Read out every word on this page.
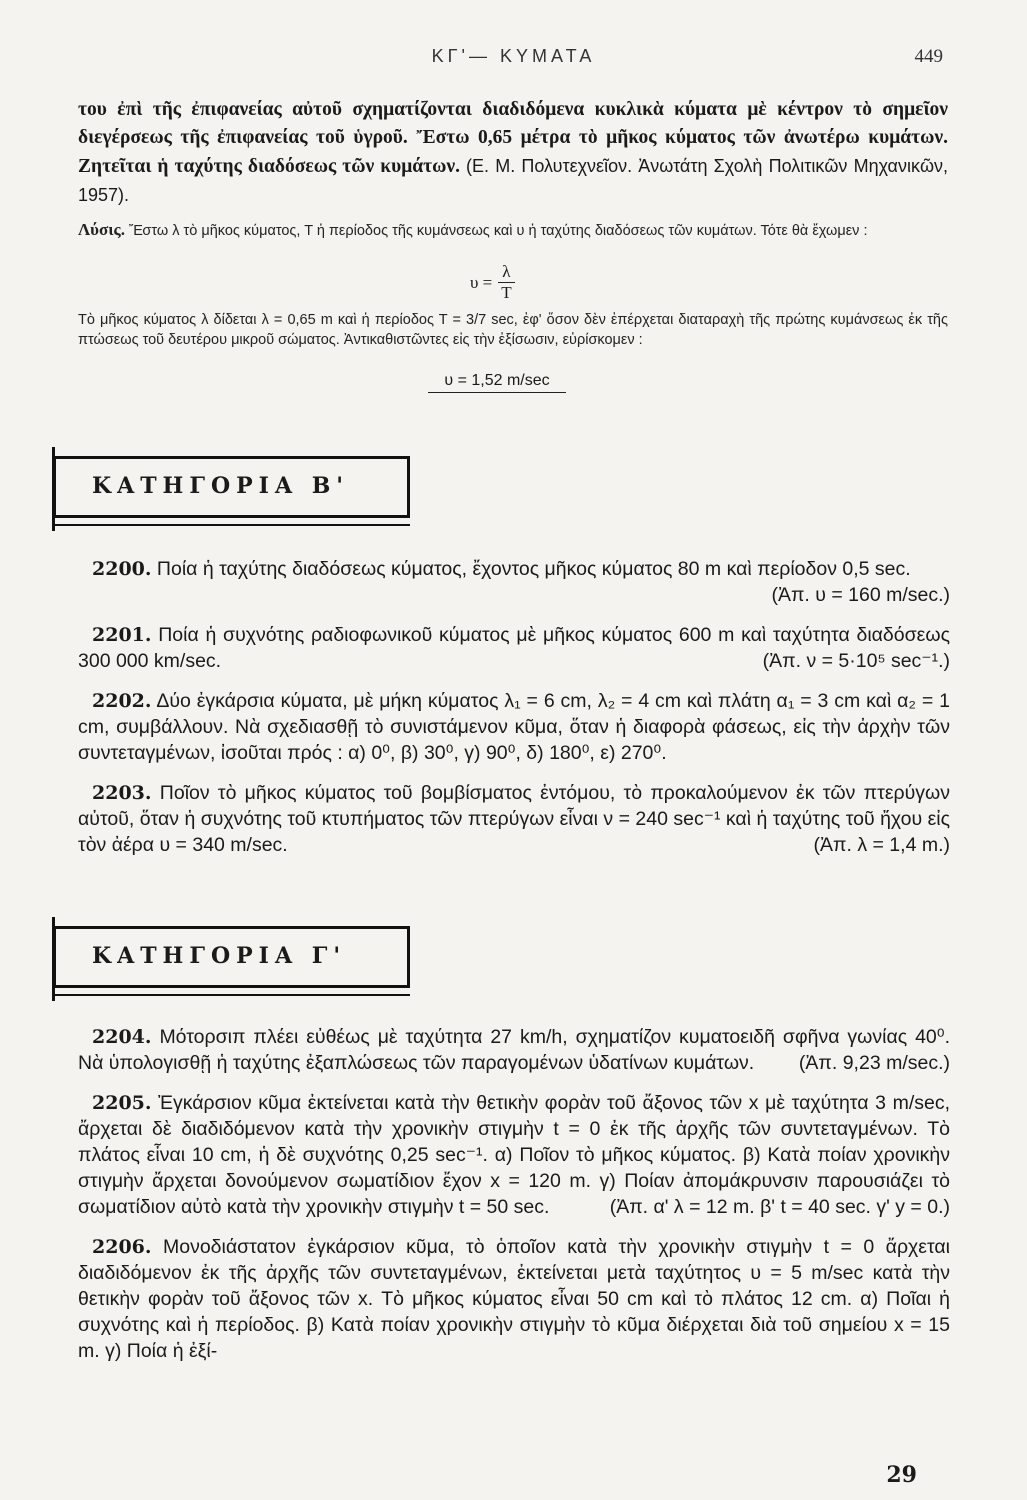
ΚΓ'— ΚΥΜΑΤΑ	449
του ἐπὶ τῆς ἐπιφανείας αὐτοῦ σχηματίζονται διαδιδόμενα κυκλικὰ κύματα μὲ κέντρον τὸ σημεῖον διεγέρσεως τῆς ἐπιφανείας τοῦ ὑγροῦ. Ἔστω 0,65 μέτρα τὸ μῆκος κύματος τῶν ἀνωτέρω κυμάτων. Ζητεῖται ἡ ταχύτης διαδόσεως τῶν κυμάτων. (Ε. Μ. Πολυτεχνεῖον. Ἀνωτάτη Σχολὴ Πολιτικῶν Μηχανικῶν, 1957).
Λύσις. Ἔστω λ τὸ μῆκος κύματος, Τ ἡ περίοδος τῆς κυμάνσεως καὶ υ ἡ ταχύτης διαδόσεως τῶν κυμάτων. Τότε θὰ ἔχωμεν :
$\upsilon = \frac{\lambda}{T}$
Τὸ μῆκος κύματος λ δίδεται λ = 0,65 m καὶ ἡ περίοδος Τ = 3/7 sec, ἐφ' ὅσον δὲν ἐπέρχεται διαταραχὴ τῆς πρώτης κυμάνσεως ἐκ τῆς πτώσεως τοῦ δευτέρου μικροῦ σώματος. Ἀντικαθιστῶντες εἰς τὴν ἐξίσωσιν, εὑρίσκομεν :
υ = 1,52 m/sec
ΚΑΤΗΓΟΡΙΑ Β'
2200. Ποία ἡ ταχύτης διαδόσεως κύματος, ἔχοντος μῆκος κύματος 80 m καὶ περίοδον 0,5 sec.
(Ἀπ. υ = 160 m/sec.)
2201. Ποία ἡ συχνότης ραδιοφωνικοῦ κύματος μὲ μῆκος κύματος 600 m καὶ ταχύτητα διαδόσεως 300 000 km/sec.	(Ἀπ. ν = 5·10⁵ sec⁻¹.)
2202. Δύο ἐγκάρσια κύματα, μὲ μήκη κύματος λ₁ = 6 cm, λ₂ = 4 cm καὶ πλάτη α₁ = 3 cm καὶ α₂ = 1 cm, συμβάλλουν. Νὰ σχεδιασθῇ τὸ συνιστάμενον κῦμα, ὅταν ἡ διαφορὰ φάσεως, εἰς τὴν ἀρχὴν τῶν συντεταγμένων, ἰσοῦται πρός : α) 0⁰, β) 30⁰, γ) 90⁰, δ) 180⁰, ε) 270⁰.
2203. Ποῖον τὸ μῆκος κύματος τοῦ βομβίσματος ἐντόμου, τὸ προκαλούμενον ἐκ τῶν πτερύγων αὐτοῦ, ὅταν ἡ συχνότης τοῦ κτυπήματος τῶν πτερύγων εἶναι ν = 240 sec⁻¹ καὶ ἡ ταχύτης τοῦ ἤχου εἰς τὸν ἀέρα υ = 340 m/sec.	(Ἀπ. λ = 1,4 m.)
ΚΑΤΗΓΟΡΙΑ Γ'
2204. Μότορσιπ πλέει εὐθέως μὲ ταχύτητα 27 km/h, σχηματίζον κυματοειδῆ σφῆνα γωνίας 40⁰. Νὰ ὑπολογισθῇ ἡ ταχύτης ἐξαπλώσεως τῶν παραγομένων ὑδατίνων κυμάτων. (Ἀπ. 9,23 m/sec.)
2205. Ἐγκάρσιον κῦμα ἐκτείνεται κατὰ τὴν θετικὴν φορὰν τοῦ ἄξονος τῶν x μὲ ταχύτητα 3 m/sec, ἄρχεται δὲ διαδιδόμενον κατὰ τὴν χρονικὴν στιγμὴν t = 0 ἐκ τῆς ἀρχῆς τῶν συντεταγμένων. Τὸ πλάτος εἶναι 10 cm, ἡ δὲ συχνότης 0,25 sec⁻¹. α) Ποῖον τὸ μῆκος κύματος. β) Κατὰ ποίαν χρονικὴν στιγμὴν ἄρχεται δονούμενον σωματίδιον ἔχον x = 120 m. γ) Ποίαν ἀπομάκρυνσιν παρουσιάζει τὸ σωματίδιον αὐτὸ κατὰ τὴν χρονικὴν στιγμὴν t = 50 sec.	(Ἀπ. α' λ = 12 m. β' t = 40 sec. γ' y = 0.)
2206. Μονοδιάστατον ἐγκάρσιον κῦμα, τὸ ὁποῖον κατὰ τὴν χρονικὴν στιγμὴν t = 0 ἄρχεται διαδιδόμενον ἐκ τῆς ἀρχῆς τῶν συντεταγμένων, ἐκτείνεται μετὰ ταχύτητος υ = 5 m/sec κατὰ τὴν θετικὴν φορὰν τοῦ ἄξονος τῶν x. Τὸ μῆκος κύματος εἶναι 50 cm καὶ τὸ πλάτος 12 cm. α) Ποῖαι ἡ συχνότης καὶ ἡ περίοδος. β) Κατὰ ποίαν χρονικὴν στιγμὴν τὸ κῦμα διέρχεται διὰ τοῦ σημείου x = 15 m. γ) Ποία ἡ ἐξί-
29
